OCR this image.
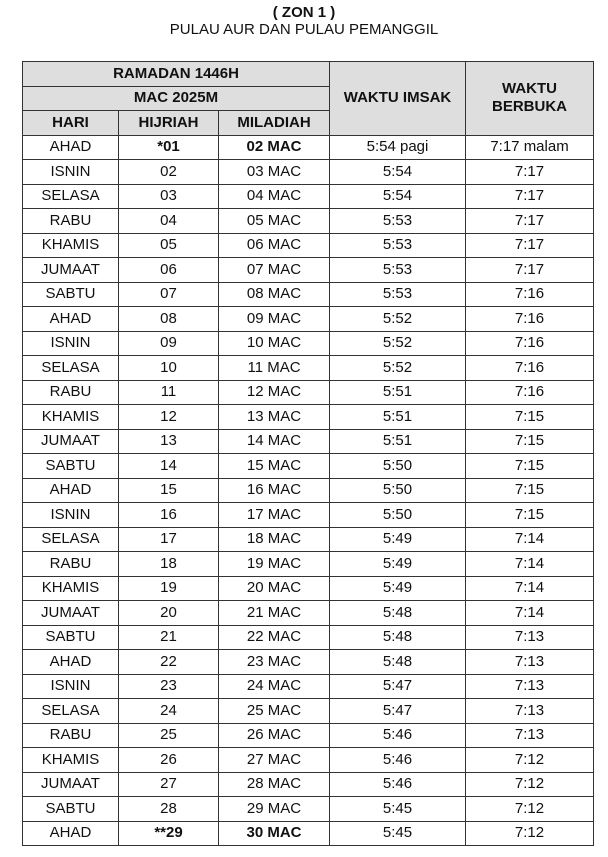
( ZON 1 )
PULAU AUR DAN PULAU PEMANGGIL
RAMADAN 1446H			WAKTU IMSAK	WAKTU
BERBUKA

MAC 2025M				
HARI	HIJRIAH	MILADIAH		
AHAD	*01	02 MAC	5:54 pagi	7:17 malam
ISNIN	02	03 MAC	5:54	7:17
SELASA	03	04 MAC	5:54	7:17
RABU	04	05 MAC	5:53	7:17
KHAMIS	05	06 MAC	5:53	7:17
JUMAAT	06	07 MAC	5:53	7:17
SABTU	07	08 MAC	5:53	7:16
AHAD	08	09 MAC	5:52	7:16
ISNIN	09	10 MAC	5:52	7:16
SELASA	10	11 MAC	5:52	7:16
RABU	11	12 MAC	5:51	7:16
KHAMIS	12	13 MAC	5:51	7:15
JUMAAT	13	14 MAC	5:51	7:15
SABTU	14	15 MAC	5:50	7:15
AHAD	15	16 MAC	5:50	7:15
ISNIN	16	17 MAC	5:50	7:15
SELASA	17	18 MAC	5:49	7:14
RABU	18	19 MAC	5:49	7:14
KHAMIS	19	20 MAC	5:49	7:14
JUMAAT	20	21 MAC	5:48	7:14
SABTU	21	22 MAC	5:48	7:13
AHAD	22	23 MAC	5:48	7:13
ISNIN	23	24 MAC	5:47	7:13
SELASA	24	25 MAC	5:47	7:13
RABU	25	26 MAC	5:46	7:13
KHAMIS	26	27 MAC	5:46	7:12
JUMAAT	27	28 MAC	5:46	7:12
SABTU	28	29 MAC	5:45	7:12
AHAD	**29	30 MAC	5:45	7:12
